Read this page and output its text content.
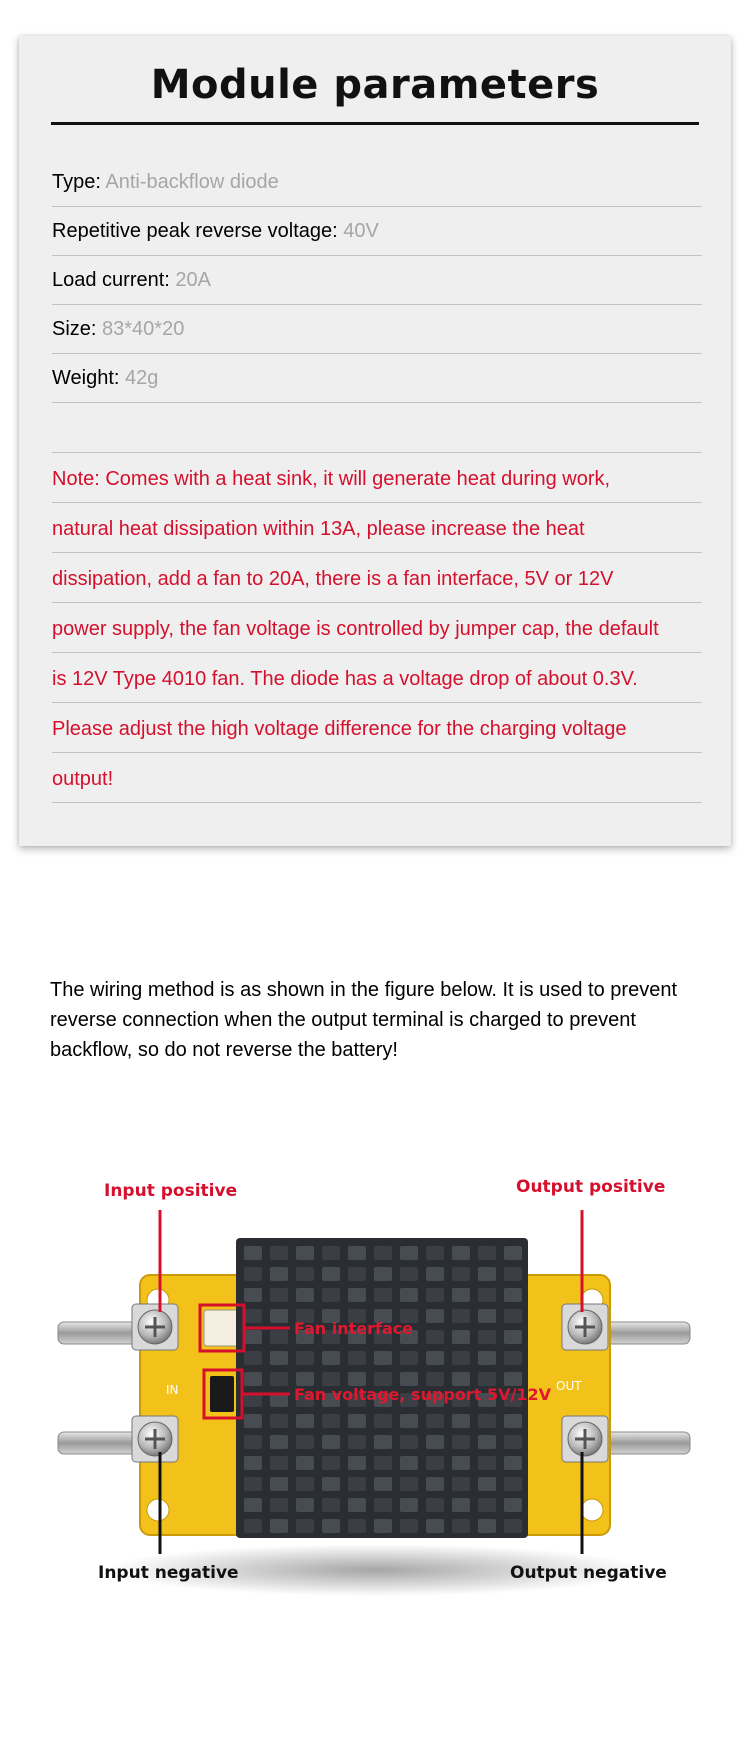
Module parameters
Type: Anti-backflow diode
Repetitive peak reverse voltage: 40V
Load current: 20A
Size: 83*40*20
Weight: 42g
Note: Comes with a heat sink, it will generate heat during work,
natural heat dissipation within 13A, please increase the heat
dissipation, add a fan to 20A, there is a fan interface, 5V or 12V
power supply, the fan voltage is controlled by jumper cap, the default
is 12V Type 4010 fan. The diode has a voltage drop of about 0.3V.
Please adjust the high voltage difference for the charging voltage
output!

The wiring method is as shown in the figure below. It is used to prevent reverse connection when the output terminal is charged to prevent backflow, so do not reverse the battery!

IN	OUT
Fan interface
Fan voltage, support 5V/12V
Input positive	Output positive
Input negative	Output negative
